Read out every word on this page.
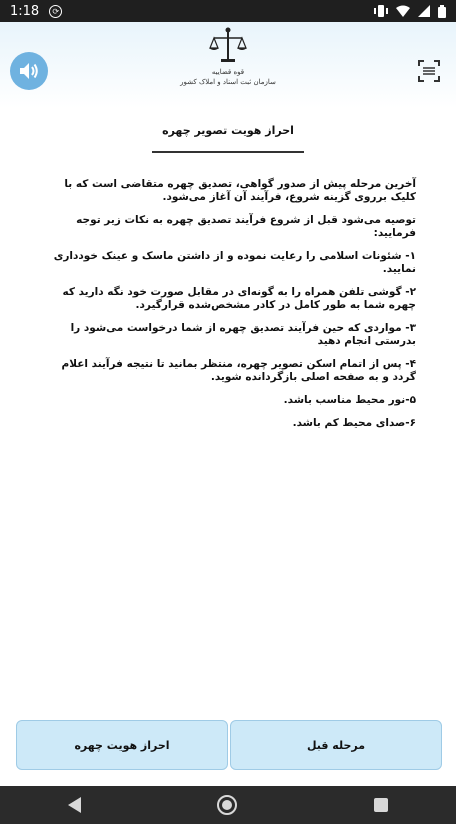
1:18	⟳
قوه قضاییه
سازمان ثبت اسناد و املاک کشور
احراز هویت تصویر چهره

آخرین مرحله پیش از صدور گواهی، تصدیق چهره متقاضی است که با کلیک برروی گزینه شروع، فرآیند آن آغاز می‌شود.

توصیه می‌شود قبل از شروع فرآیند تصدیق چهره به نکات زیر توجه فرمایید:

۱- شئونات اسلامی را رعایت نموده و از داشتن ماسک و عینک خودداری نمایید.

۲- گوشی تلفن همراه را به گونه‌ای در مقابل صورت خود نگه دارید که چهره شما به طور کامل در کادر مشخص‌شده قرارگیرد.

۳- مواردی که حین فرآیند تصدیق چهره از شما درخواست می‌شود را بدرستی انجام دهید

۴- پس از اتمام اسکن تصویر چهره، منتظر بمانید تا نتیجه فرآیند اعلام گردد و به صفحه اصلی بازگردانده شوید.

۵-نور محیط مناسب باشد.

۶-صدای محیط کم باشد.

احراز هویت چهره	مرحله قبل
